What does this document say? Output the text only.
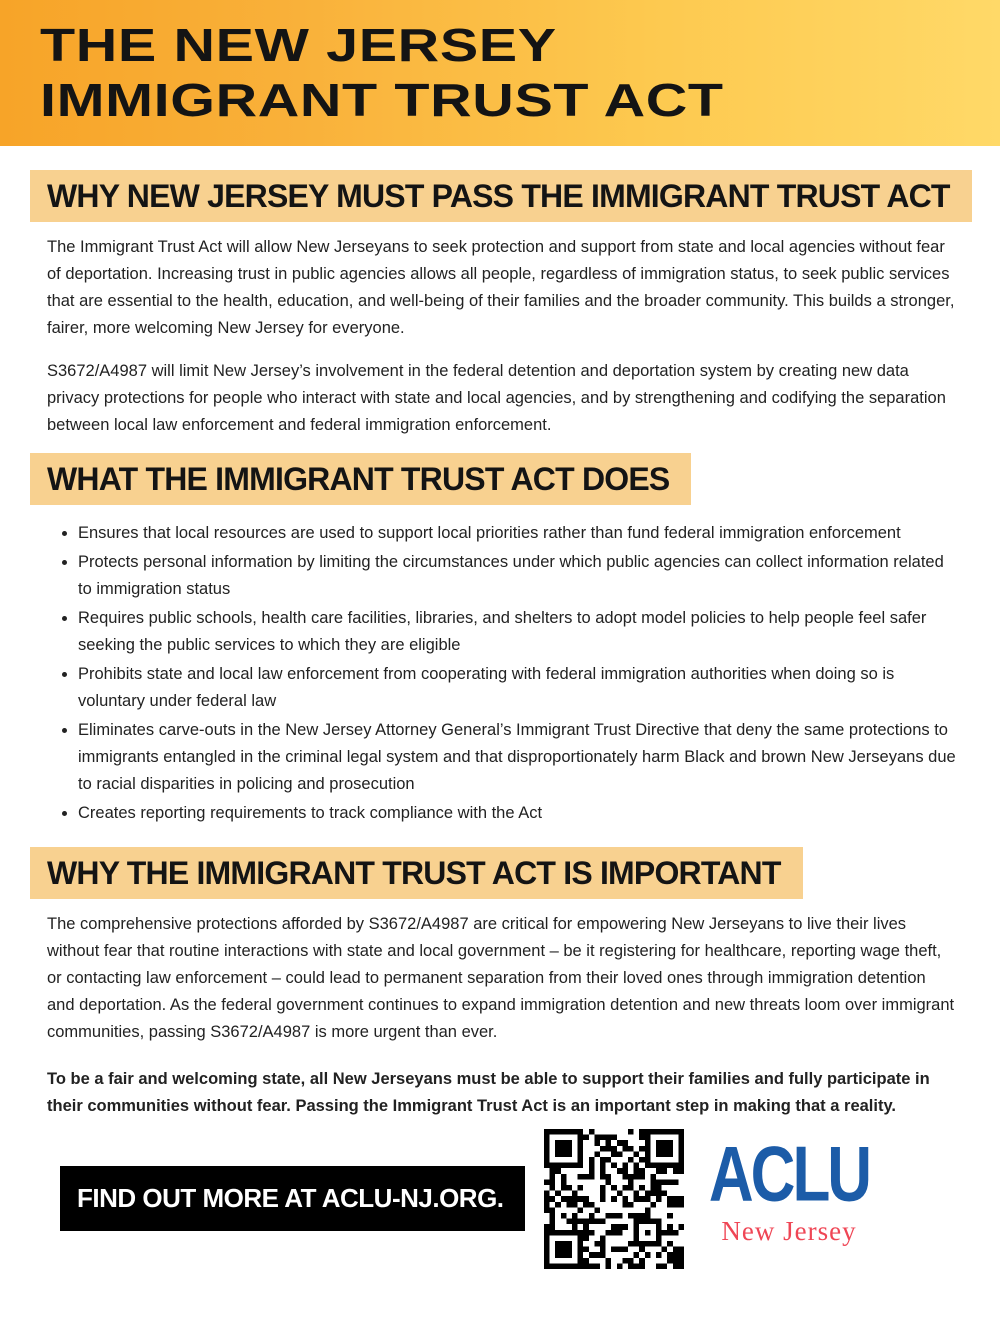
THE NEW JERSEY
IMMIGRANT TRUST ACT
WHY NEW JERSEY MUST PASS THE IMMIGRANT TRUST ACT

The Immigrant Trust Act will allow New Jerseyans to seek protection and support from state and local agencies without fear of deportation. Increasing trust in public agencies allows all people, regardless of immigration status, to seek public services that are essential to the health, education, and well-being of their families and the broader community. This builds a stronger, fairer, more welcoming New Jersey for everyone.

S3672/A4987 will limit New Jersey’s involvement in the federal detention and deportation system by creating new data privacy protections for people who interact with state and local agencies, and by strengthening and codifying the separation between local law enforcement and federal immigration enforcement.

WHAT THE IMMIGRANT TRUST ACT DOES
• Ensures that local resources are used to support local priorities rather than fund federal immigration enforcement
• Protects personal information by limiting the circumstances under which public agencies can collect information related to immigration status
• Requires public schools, health care facilities, libraries, and shelters to adopt model policies to help people feel safer seeking the public services to which they are eligible
• Prohibits state and local law enforcement from cooperating with federal immigration authorities when doing so is voluntary under federal law
• Eliminates carve-outs in the New Jersey Attorney General’s Immigrant Trust Directive that deny the same protections to immigrants entangled in the criminal legal system and that disproportionately harm Black and brown New Jerseyans due to racial disparities in policing and prosecution
• Creates reporting requirements to track compliance with the Act
WHY THE IMMIGRANT TRUST ACT IS IMPORTANT

The comprehensive protections afforded by S3672/A4987 are critical for empowering New Jerseyans to live their lives without fear that routine interactions with state and local government – be it registering for healthcare, reporting wage theft, or contacting law enforcement – could lead to permanent separation from their loved ones through immigration detention and deportation. As the federal government continues to expand immigration detention and new threats loom over immigrant communities, passing S3672/A4987 is more urgent than ever.

To be a fair and welcoming state, all New Jerseyans must be able to support their families and fully participate in their communities without fear. Passing the Immigrant Trust Act is an important step in making that a reality.

FIND OUT MORE AT ACLU-NJ.ORG.	ACLU
New Jersey
